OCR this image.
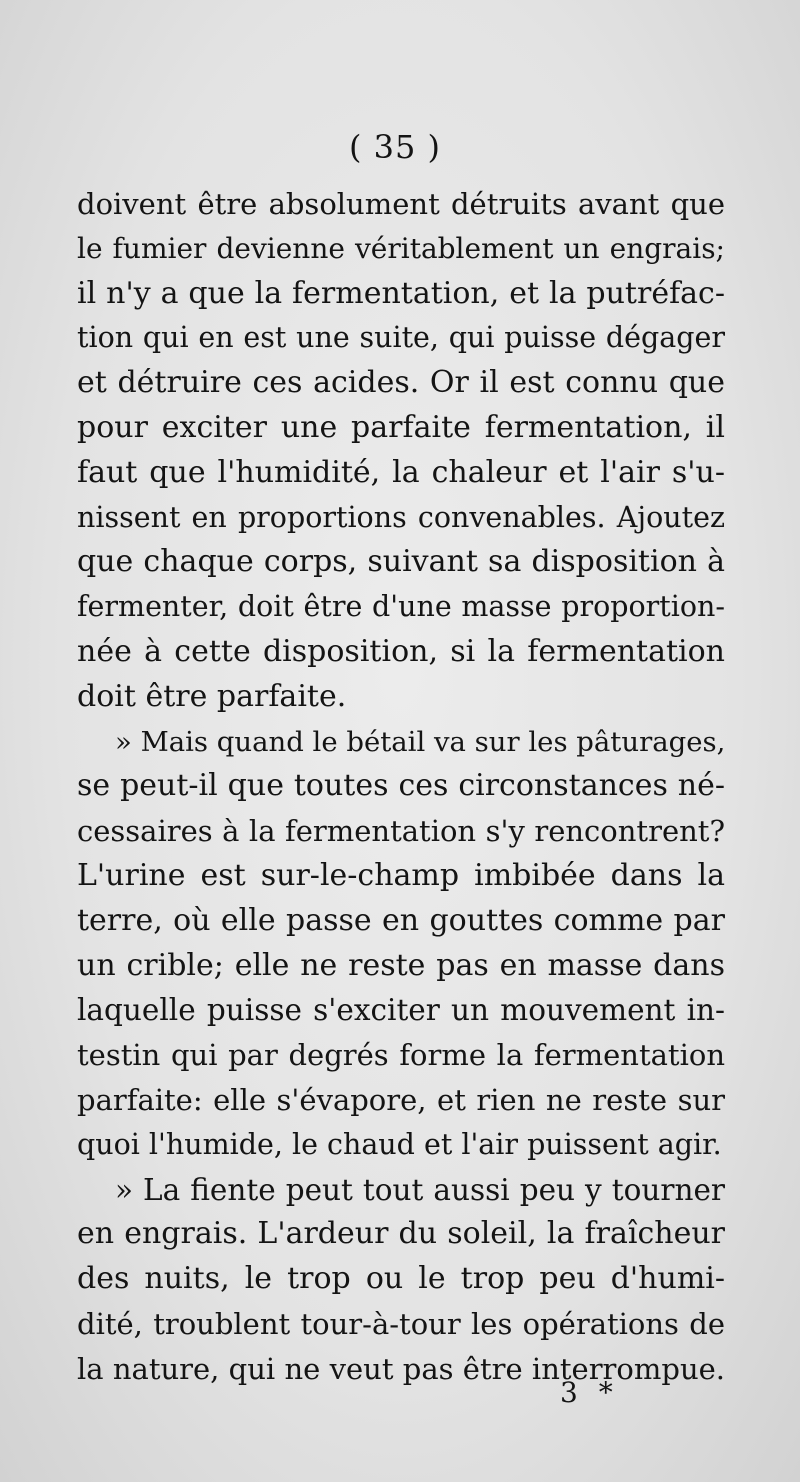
( 35 )
doivent être absolument détruits avant que
le fumier devienne véritablement un engrais;
il n'y a que la fermentation, et la putréfac-
tion qui en est une suite, qui puisse dégager
et détruire ces acides. Or il est connu que
pour exciter une parfaite fermentation, il
faut que l'humidité, la chaleur et l'air s'u-
nissent en proportions convenables. Ajoutez
que chaque corps, suivant sa disposition à
fermenter, doit être d'une masse proportion-
née à cette disposition, si la fermentation
doit être parfaite.
» Mais quand le bétail va sur les pâturages,
se peut-il que toutes ces circonstances né-
cessaires à la fermentation s'y rencontrent?
L'urine est sur-le-champ imbibée dans la
terre, où elle passe en gouttes comme par
un crible; elle ne reste pas en masse dans
laquelle puisse s'exciter un mouvement in-
testin qui par degrés forme la fermentation
parfaite: elle s'évapore, et rien ne reste sur
quoi l'humide, le chaud et l'air puissent agir.
» La fiente peut tout aussi peu y tourner
en engrais. L'ardeur du soleil, la fraîcheur
des nuits, le trop ou le trop peu d'humi-
dité, troublent tour-à-tour les opérations de
la nature, qui ne veut pas être interrompue.
3 *
